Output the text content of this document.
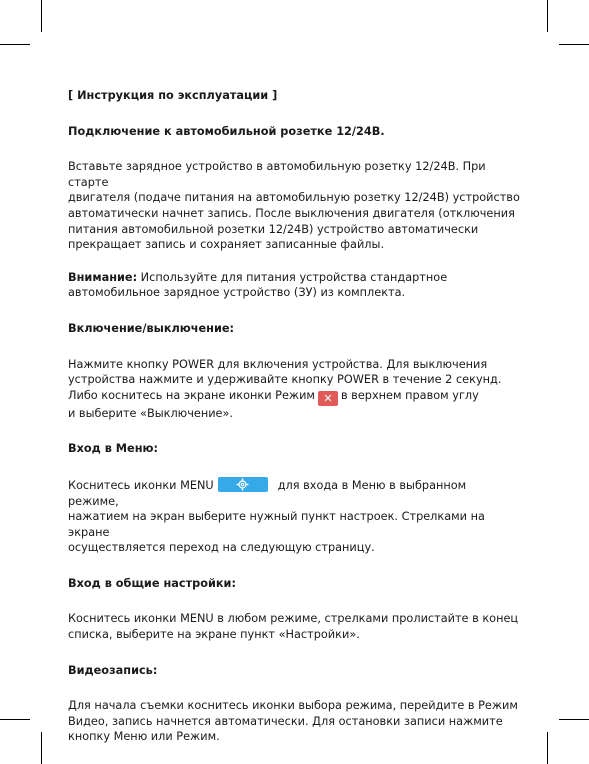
[ Инструкция по эксплуатации ]

Подключение к автомобильной розетке 12/24В.

Вставьте зарядное устройство в автомобильную розетку 12/24В. При старте

двигателя (подаче питания на автомобильную розетку 12/24В) устройство

автоматически начнет запись. После выключения двигателя (отключения

питания автомобильной розетки 12/24В) устройство автоматически

прекращает запись и сохраняет записанные файлы.

Внимание: Используйте для питания устройства стандартное

автомобильное зарядное устройство (ЗУ) из комплекта.

Включение/выключение:

Нажмите кнопку POWER для включения устройства. Для выключения

устройства нажмите и удерживайте кнопку POWER в течение 2 секунд.

Либо коснитесь на экране иконки Режим ✕ в верхнем правом углу

и выберите «Выключение».

Вход в Меню:

Коснитесь иконки MENU	для входа в Меню в выбранном режиме,

нажатием на экран выберите нужный пункт настроек. Стрелками на экране

осуществляется переход на следующую страницу.

Вход в общие настройки:

Коснитесь иконки MENU в любом режиме, стрелками пролистайте в конец

списка, выберите на экране пункт «Настройки».

Видеозапись:

Для начала съемки коснитесь иконки выбора режима, перейдите в Режим

Видео, запись начнется автоматически. Для остановки записи нажмите

кнопку Меню или Режим.
